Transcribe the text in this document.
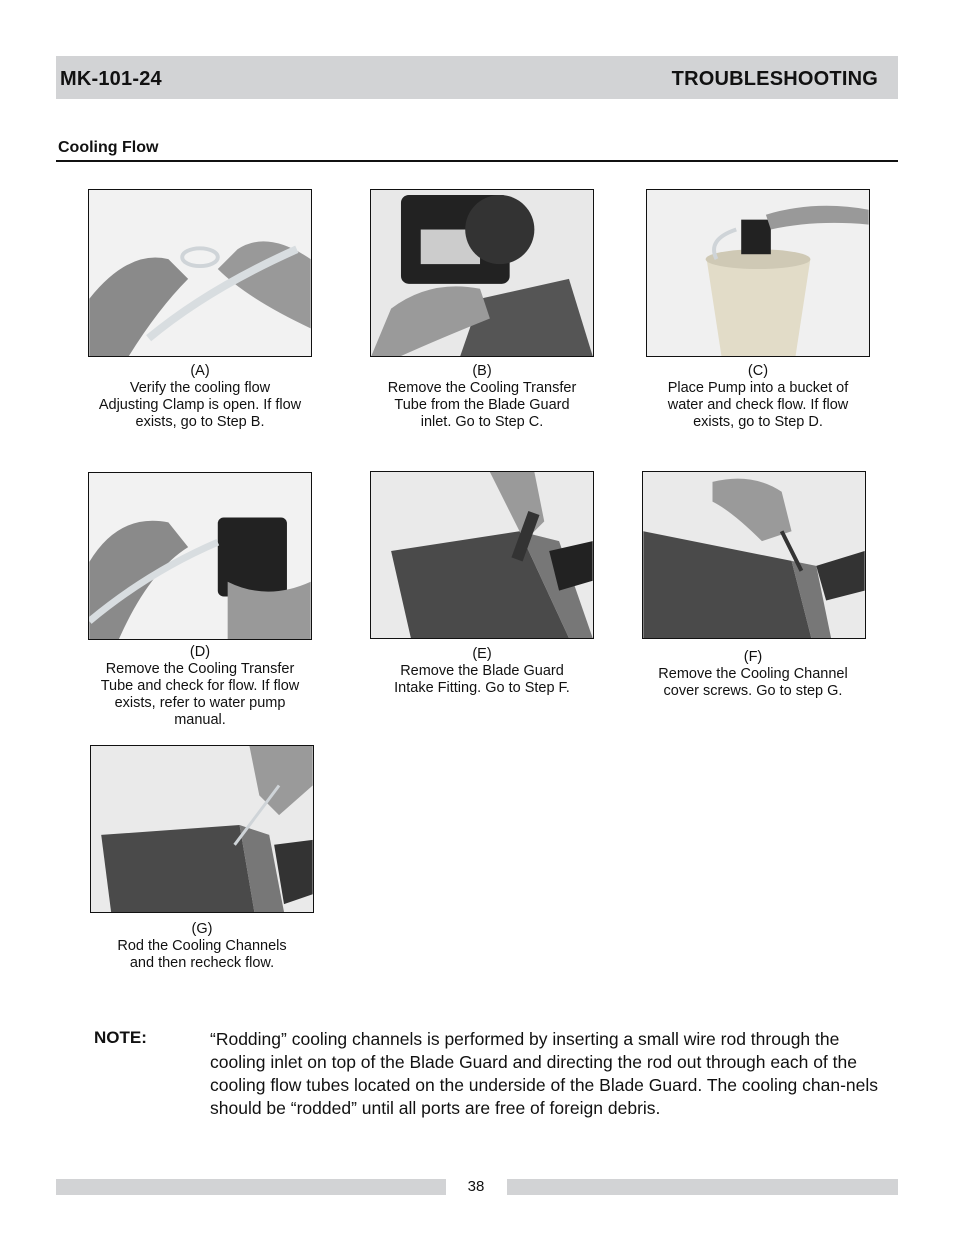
MK-101-24	TROUBLESHOOTING
Cooling Flow
(A)
Verify the cooling flow
Adjusting Clamp is open. If flow
exists, go to Step B.
(B)
Remove the Cooling Transfer
Tube from the Blade Guard
inlet. Go to Step C.
(C)
Place Pump into a bucket of
water and check flow. If flow
exists, go to Step D.
(D)
Remove the Cooling Transfer
Tube and check for flow. If flow
exists, refer to water pump
manual.
(E)
Remove the Blade Guard
Intake Fitting. Go to Step F.
(F)
Remove the Cooling Channel
cover screws. Go to step G.
(G)
Rod the Cooling Channels
and then recheck flow.
NOTE:	“Rodding” cooling channels is performed by inserting a small wire rod through the cooling inlet on top of the Blade Guard and directing the rod out through each of the cooling flow tubes located on the underside of the Blade Guard. The cooling chan-nels should be “rodded” until all ports are free of foreign debris.
38
